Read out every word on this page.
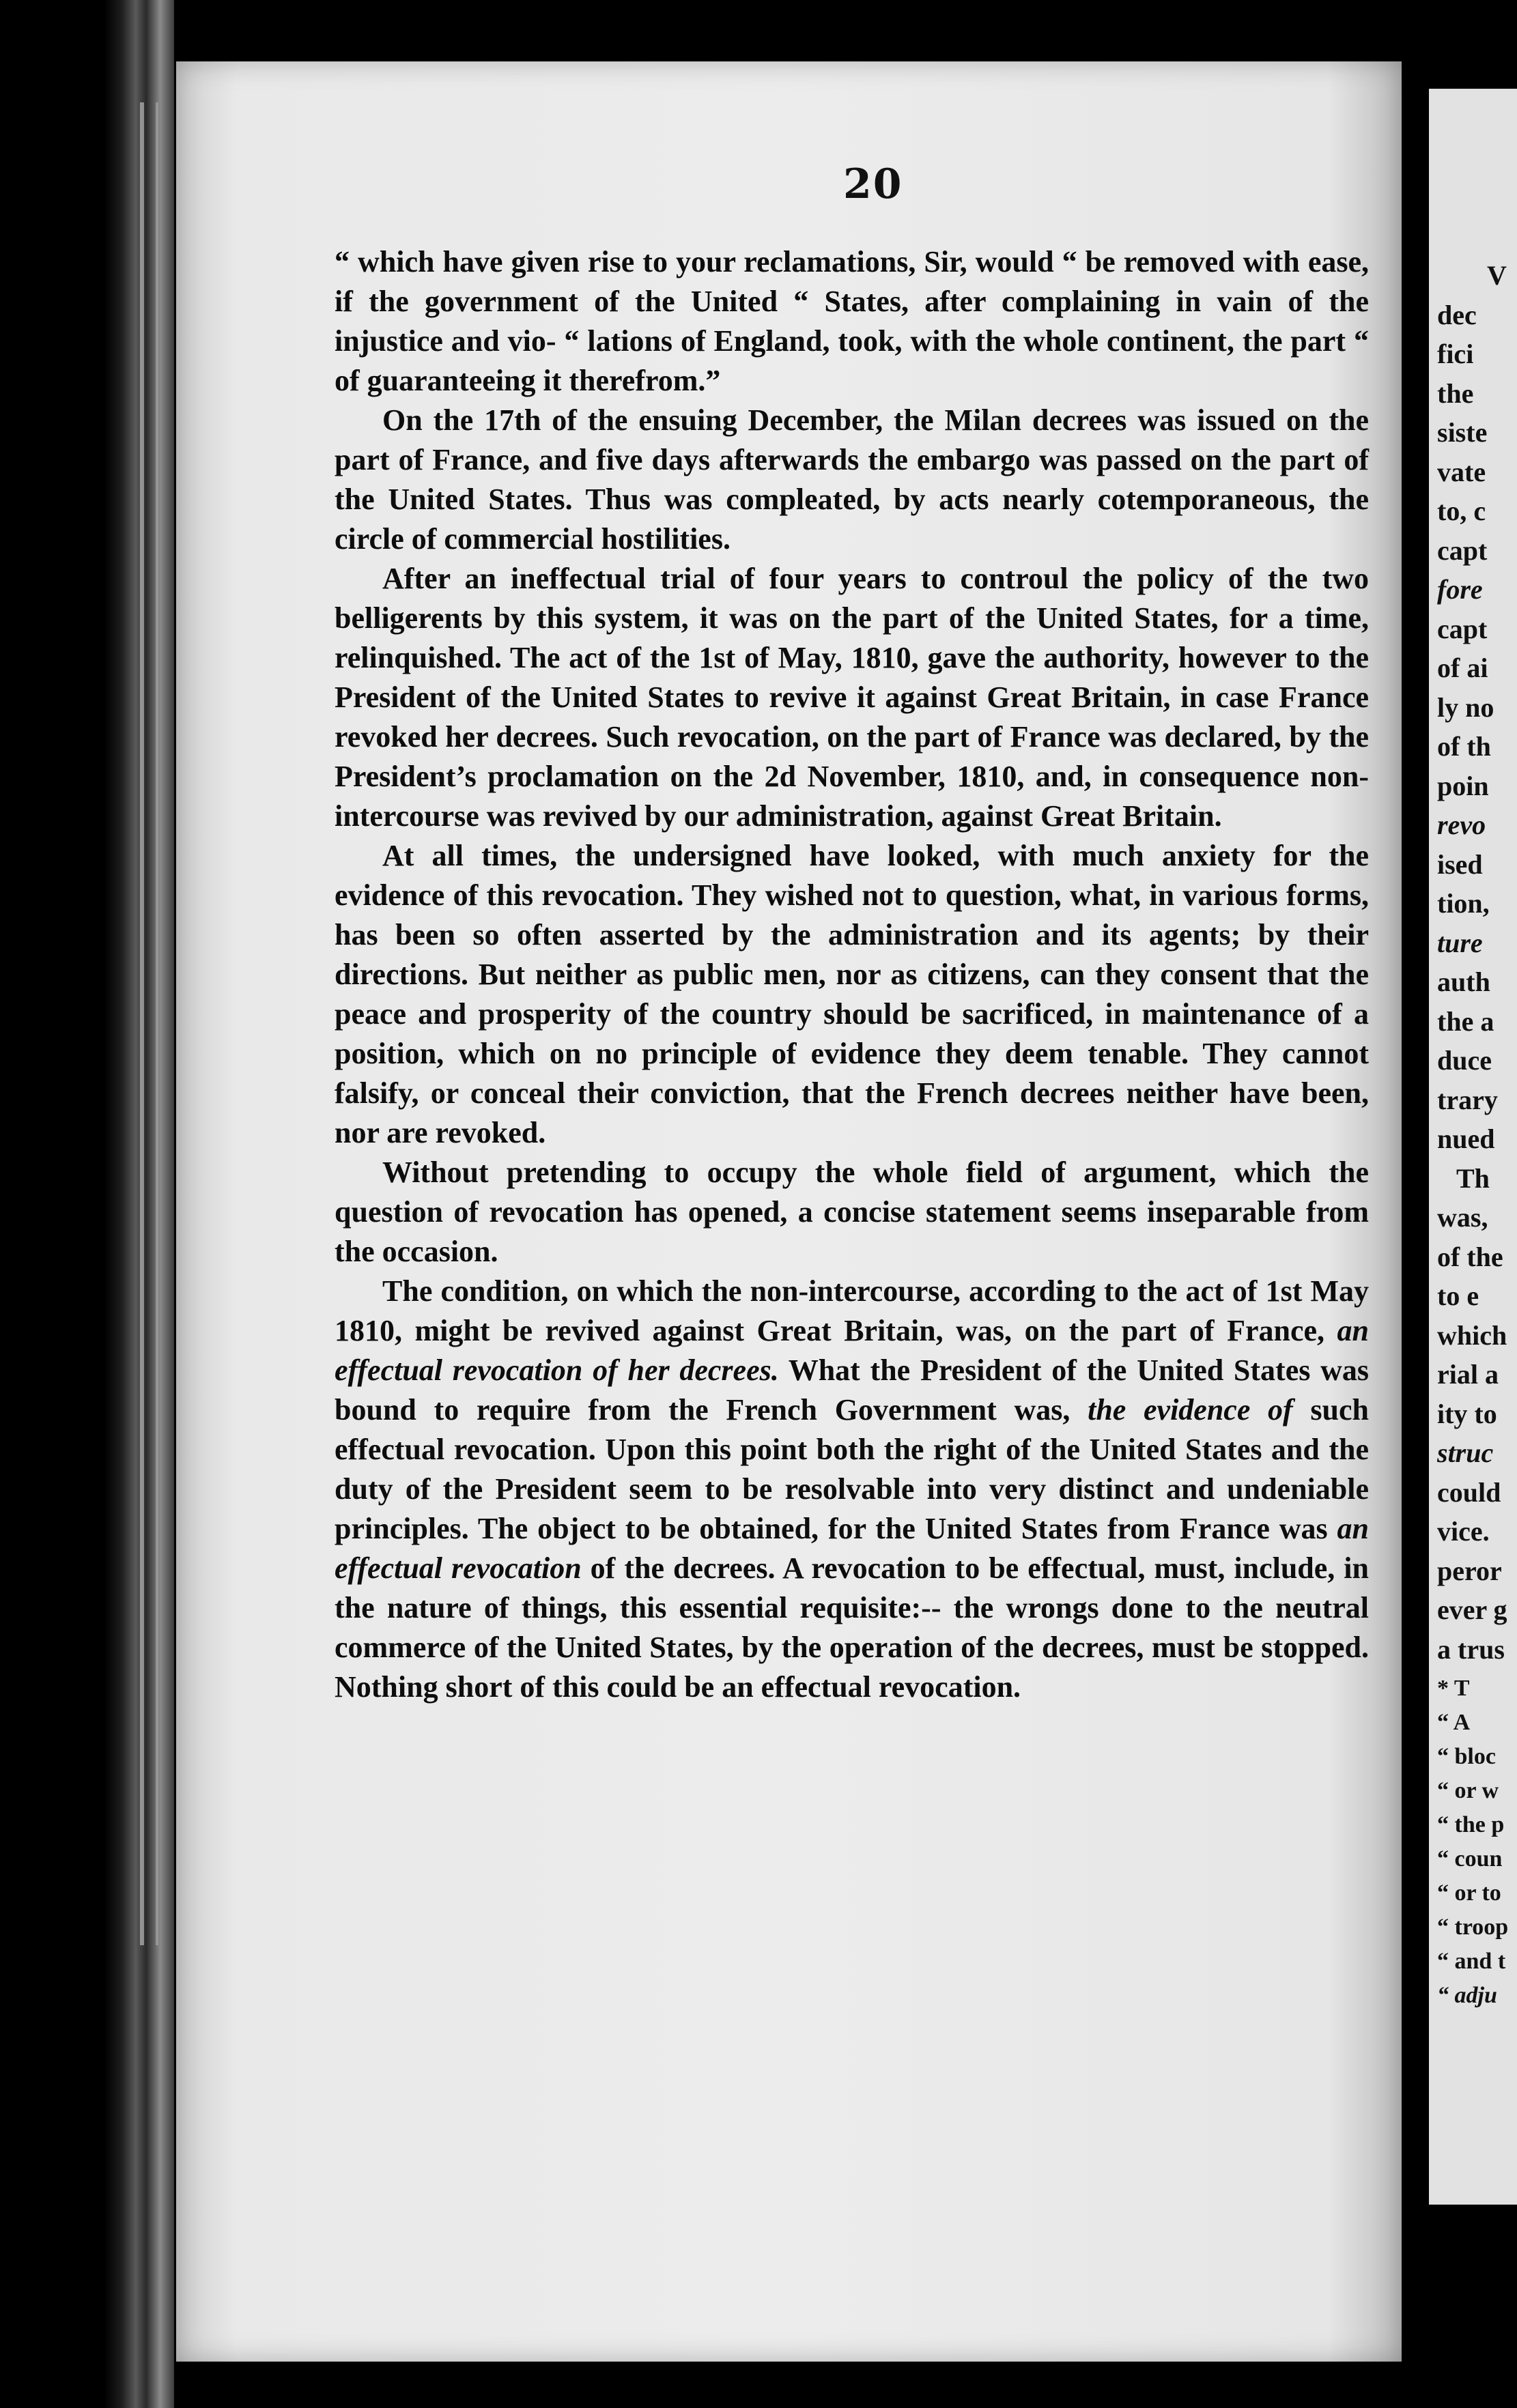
20

“ which have given rise to your reclamations, Sir, would “ be removed with ease, if the government of the United “ States, after complaining in vain of the injustice and vio- “ lations of England, took, with the whole continent, the part “ of guaranteeing it therefrom.”

On the 17th of the ensuing December, the Milan decrees was issued on the part of France, and five days afterwards the embargo was passed on the part of the United States. Thus was compleated, by acts nearly cotemporaneous, the circle of commercial hostilities.

After an ineffectual trial of four years to controul the policy of the two belligerents by this system, it was on the part of the United States, for a time, relinquished. The act of the 1st of May, 1810, gave the authority, however to the President of the United States to revive it against Great Britain, in case France revoked her decrees. Such revocation, on the part of France was declared, by the President’s proclamation on the 2d November, 1810, and, in consequence non-intercourse was revived by our administration, against Great Britain.

At all times, the undersigned have looked, with much anxiety for the evidence of this revocation. They wished not to question, what, in various forms, has been so often asserted by the administration and its agents; by their directions. But neither as public men, nor as citizens, can they consent that the peace and prosperity of the country should be sacrificed, in maintenance of a position, which on no principle of evidence they deem tenable. They cannot falsify, or conceal their conviction, that the French decrees neither have been, nor are revoked.

Without pretending to occupy the whole field of argument, which the question of revocation has opened, a concise statement seems inseparable from the occasion.

The condition, on which the non-intercourse, according to the act of 1st May 1810, might be revived against Great Britain, was, on the part of France, an effectual revocation of her decrees. What the President of the United States was bound to require from the French Government was, the evidence of such effectual revocation. Upon this point both the right of the United States and the duty of the President seem to be resolvable into very distinct and undeniable principles. The object to be obtained, for the United States from France was an effectual revocation of the decrees. A revocation to be effectual, must, include, in the nature of things, this essential requisite:-- the wrongs done to the neutral commerce of the United States, by the operation of the decrees, must be stopped. Nothing short of this could be an effectual revocation.

V
dec
fici
the
siste
vate
to, c
capt
fore
capt
of ai
ly no
of th
poin
revo
ised
tion,
ture
auth
the a
duce
trary
nued
Th
was,
of the
to e
which
rial a
ity to
struc
could
vice.
peror
ever g
a trus
* T
“ A
“ bloc
“ or w
“ the p
“ coun
“ or to
“ troop
“ and t
“ adju
